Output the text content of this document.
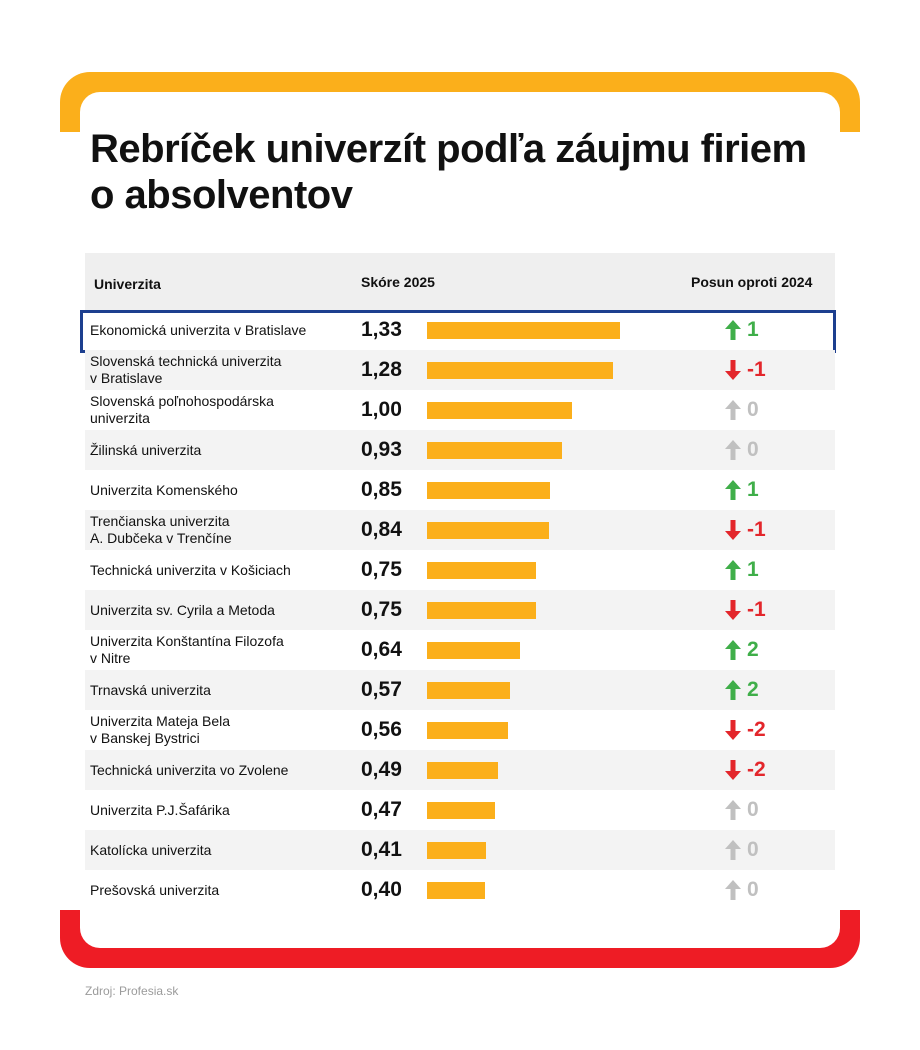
Rebríček univerzít podľa záujmu firiem o absolventov
Univerzita	Skóre 2025	Posun oproti 2024
Ekonomická univerzita v Bratislave	1,33	1
Slovenská technická univerzita
v Bratislave	1,28	-1
Slovenská poľnohospodárska
univerzita	1,00	0
Žilinská univerzita	0,93	0
Univerzita Komenského	0,85	1
Trenčianska univerzita
A. Dubčeka v Trenčíne	0,84	-1
Technická univerzita v Košiciach	0,75	1
Univerzita sv. Cyrila a Metoda	0,75	-1
Univerzita Konštantína Filozofa
v Nitre	0,64	2
Trnavská univerzita	0,57	2
Univerzita Mateja Bela
v Banskej Bystrici	0,56	-2
Technická univerzita vo Zvolene	0,49	-2
Univerzita P.J.Šafárika	0,47	0
Katolícka univerzita	0,41	0
Prešovská univerzita	0,40	0
Zdroj: Profesia.sk
